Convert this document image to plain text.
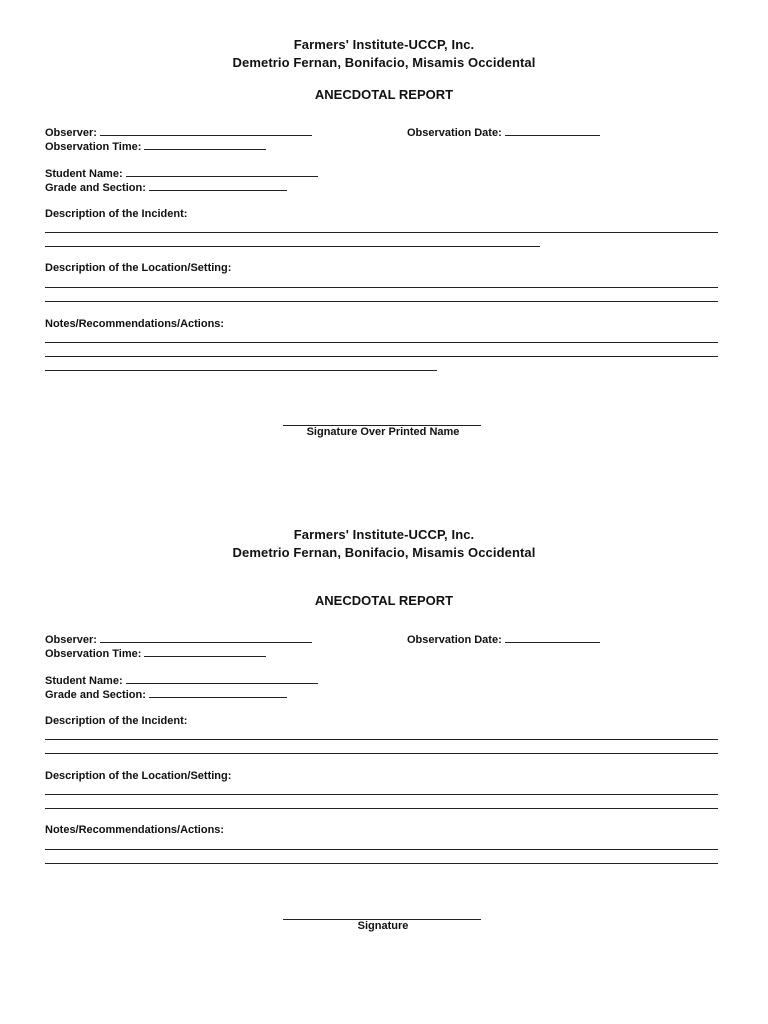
Farmers' Institute-UCCP, Inc.
Demetrio Fernan, Bonifacio, Misamis Occidental
ANECDOTAL REPORT
Observer:	Observation Date:
Observation Time:
Student Name:
Grade and Section:
Description of the Incident:
Description of the Location/Setting:
Notes/Recommendations/Actions:
Signature Over Printed Name
Farmers' Institute-UCCP, Inc.
Demetrio Fernan, Bonifacio, Misamis Occidental
ANECDOTAL REPORT
Observer:	Observation Date:
Observation Time:
Student Name:
Grade and Section:
Description of the Incident:
Description of the Location/Setting:
Notes/Recommendations/Actions:
Signature
